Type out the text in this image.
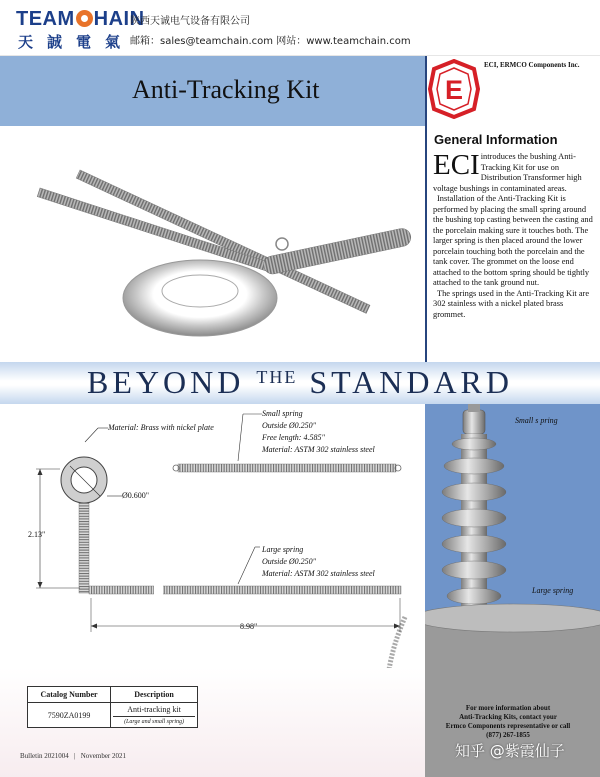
TEAM HAIN
天誠電氣
陕西天诚电气设备有限公司
邮箱：sales@teamchain.com 网站：www.teamchain.com
Anti-Tracking Kit	E
ECI, ERMCO Components Inc.
General Information
ECI introduces the bushing Anti-Tracking Kit for use on Distribution Transformer high voltage bushings in contaminated areas.

Installation of the Anti-Tracking Kit is performed by placing the small spring around the bushing top casting between the casting and the porcelain making sure it touches both. The larger spring is then placed around the lower porcelain touching both the porcelain and the tank cover. The grommet on the loose end attached to the bottom spring should be tightly attached to the tank ground nut.

The springs used in the Anti-Tracking Kit are 302 stainless with a nickel plated brass grommet.

BEYOND $^{THE}$ STANDARD
Small s pring
Large spring
Material: Brass with nickel plate
Ø0.600"
2.13"
8.98"
Small spring
Outside Ø0.250"
Free length: 4.585"
Material: ASTM 302 stainless steel
Large spring
Outside Ø0.250"
Material: ASTM 302 stainless steel
Catalog Number	Description
7590ZA0199	Anti-tracking kit
(Large and small spring)
Bulletin 2021004 | November 2021
For more information about
Anti-Tracking Kits, contact your
Ermco Components representative or call
(877) 267-1855
知乎 @紫霞仙子
